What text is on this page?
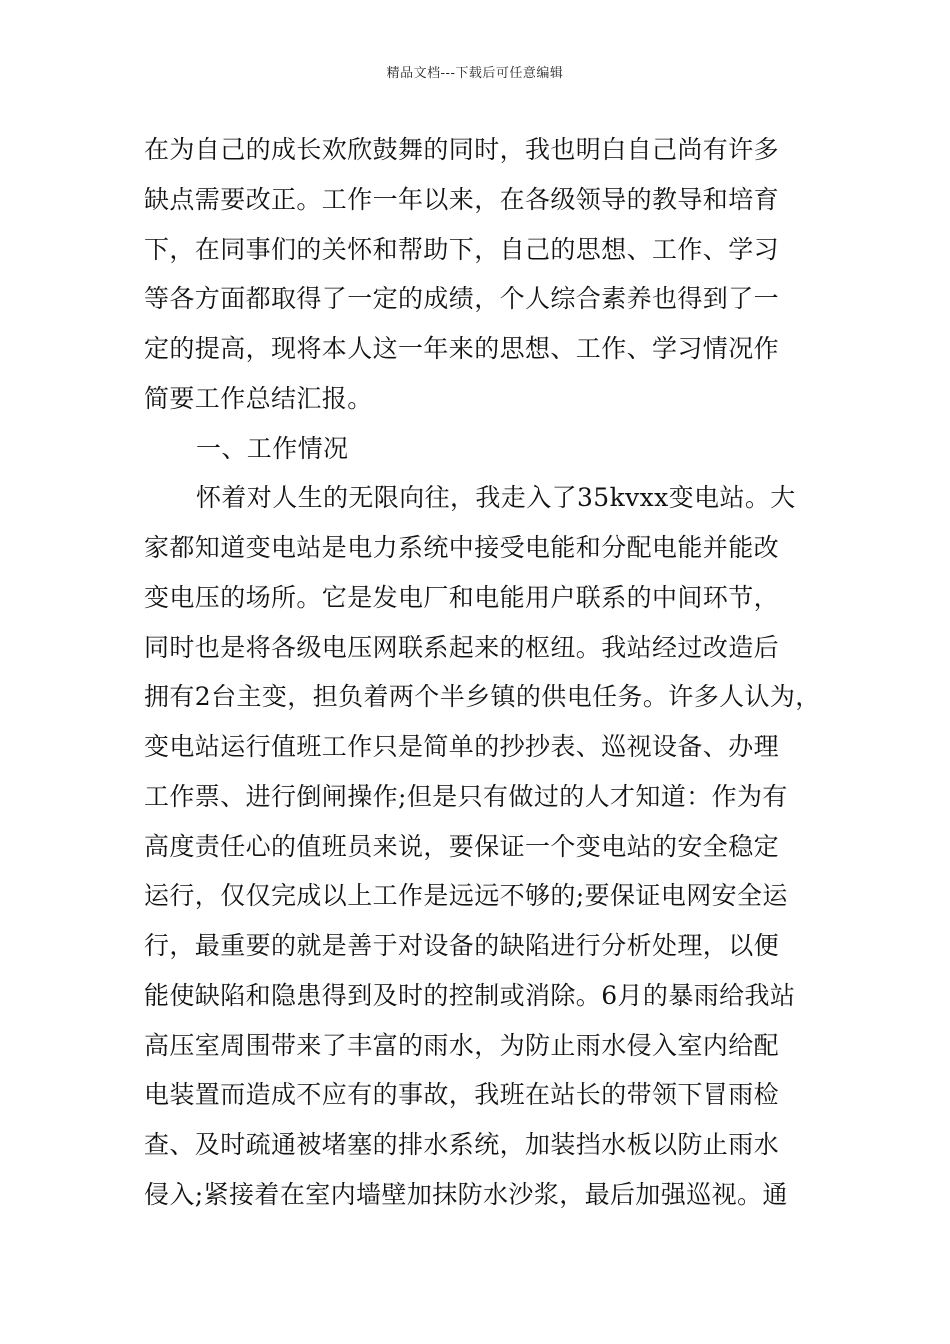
精品文档---下载后可任意编辑
在为自己的成长欢欣鼓舞的同时，我也明白自己尚有许多
缺点需要改正。工作一年以来，在各级领导的教导和培育
下，在同事们的关怀和帮助下，自己的思想、工作、学习
等各方面都取得了一定的成绩，个人综合素养也得到了一
定的提高，现将本人这一年来的思想、工作、学习情况作
简要工作总结汇报。
一、工作情况
怀着对人生的无限向往，我走入了35kvxx变电站。大
家都知道变电站是电力系统中接受电能和分配电能并能改
变电压的场所。它是发电厂和电能用户联系的中间环节，
同时也是将各级电压网联系起来的枢纽。我站经过改造后
拥有2台主变，担负着两个半乡镇的供电任务。许多人认为，
变电站运行值班工作只是简单的抄抄表、巡视设备、办理
工作票、进行倒闸操作;但是只有做过的人才知道：作为有
高度责任心的值班员来说，要保证一个变电站的安全稳定
运行，仅仅完成以上工作是远远不够的;要保证电网安全运
行，最重要的就是善于对设备的缺陷进行分析处理，以便
能使缺陷和隐患得到及时的控制或消除。6月的暴雨给我站
高压室周围带来了丰富的雨水，为防止雨水侵入室内给配
电装置而造成不应有的事故，我班在站长的带领下冒雨检
查、及时疏通被堵塞的排水系统，加装挡水板以防止雨水
侵入;紧接着在室内墙壁加抹防水沙浆，最后加强巡视。通
